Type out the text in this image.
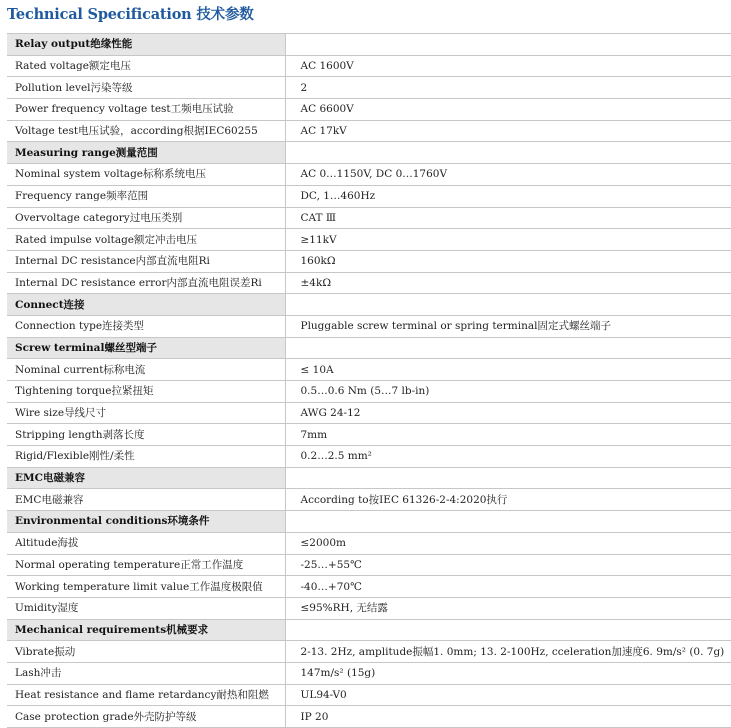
Technical Specification 技术参数
Relay output绝缘性能	
Rated voltage额定电压	AC 1600V
Pollution level污染等级	2
Power frequency voltage test工频电压试验	AC 6600V
Voltage test电压试验，according根据IEC60255	AC 17kV
Measuring range测量范围	
Nominal system voltage标称系统电压	AC 0…1150V, DC 0…1760V
Frequency range频率范围	DC, 1…460Hz
Overvoltage category过电压类别	CAT Ⅲ
Rated impulse voltage额定冲击电压	≥11kV
Internal DC resistance内部直流电阻Ri	160kΩ
Internal DC resistance error内部直流电阻误差Ri	±4kΩ
Connect连接	
Connection type连接类型	Pluggable screw terminal or spring terminal固定式螺丝端子
Screw terminal螺丝型端子	
Nominal current标称电流	≤ 10A
Tightening torque拉紧扭矩	0.5…0.6 Nm (5…7 lb-in)
Wire size导线尺寸	AWG 24-12
Stripping length剥落长度	7mm
Rigid/Flexible刚性/柔性	0.2…2.5 mm²
EMC电磁兼容	
EMC电磁兼容	According to按IEC 61326-2-4:2020执行
Environmental conditions环境条件	
Altitude海拔	≤2000m
Normal operating temperature正常工作温度	-25…+55℃
Working temperature limit value工作温度极限值	-40…+70℃
Umidity湿度	≤95%RH, 无结露
Mechanical requirements机械要求	
Vibrate振动	2-13. 2Hz, amplitude振幅1. 0mm; 13. 2-100Hz, cceleration加速度6. 9m/s² (0. 7g)
Lash冲击	147m/s² (15g)
Heat resistance and flame retardancy耐热和阻燃	UL94-V0
Case protection grade外壳防护等级	IP 20
